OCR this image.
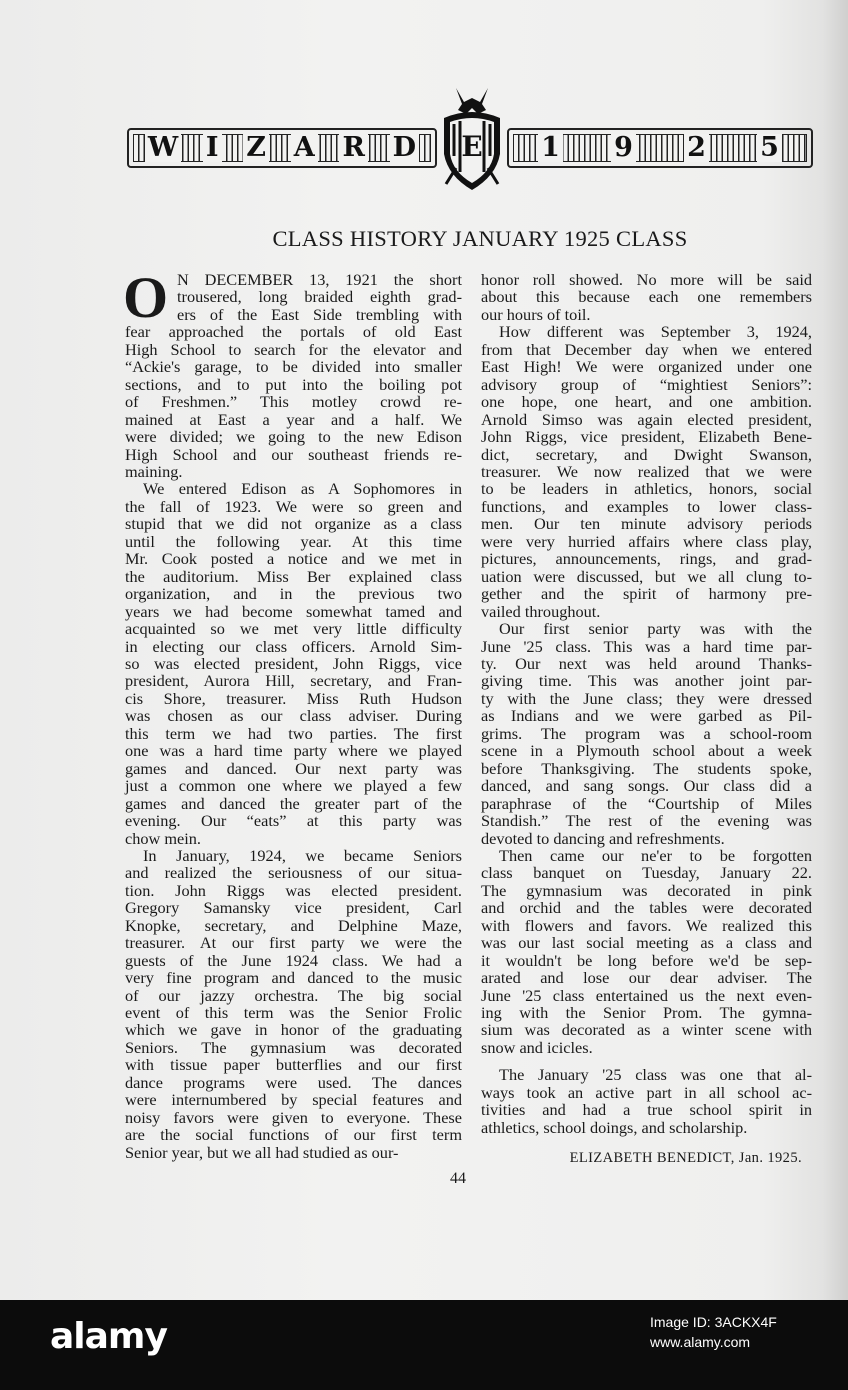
W I Z A R D	1 9 2 5
E
CLASS HISTORY JANUARY 1925 CLASS
O N DECEMBER 13, 1921 the short
trousered, long braided eighth grad-
ers of the East Side trembling with
fear approached the portals of old East
High School to search for the elevator and
“Ackie's garage, to be divided into smaller
sections, and to put into the boiling pot
of Freshmen.” This motley crowd re-
mained at East a year and a half. We
were divided; we going to the new Edison
High School and our southeast friends re-
maining.
We entered Edison as A Sophomores in
the fall of 1923. We were so green and
stupid that we did not organize as a class
until the following year. At this time
Mr. Cook posted a notice and we met in
the auditorium. Miss Ber explained class
organization, and in the previous two
years we had become somewhat tamed and
acquainted so we met very little difficulty
in electing our class officers. Arnold Sim-
so was elected president, John Riggs, vice
president, Aurora Hill, secretary, and Fran-
cis Shore, treasurer. Miss Ruth Hudson
was chosen as our class adviser. During
this term we had two parties. The first
one was a hard time party where we played
games and danced. Our next party was
just a common one where we played a few
games and danced the greater part of the
evening. Our “eats” at this party was
chow mein.
In January, 1924, we became Seniors
and realized the seriousness of our situa-
tion. John Riggs was elected president.
Gregory Samansky vice president, Carl
Knopke, secretary, and Delphine Maze,
treasurer. At our first party we were the
guests of the June 1924 class. We had a
very fine program and danced to the music
of our jazzy orchestra. The big social
event of this term was the Senior Frolic
which we gave in honor of the graduating
Seniors. The gymnasium was decorated
with tissue paper butterflies and our first
dance programs were used. The dances
were internumbered by special features and
noisy favors were given to everyone. These
are the social functions of our first term
Senior year, but we all had studied as our-
honor roll showed. No more will be said
about this because each one remembers
our hours of toil.
How different was September 3, 1924,
from that December day when we entered
East High! We were organized under one
advisory group of “mightiest Seniors”:
one hope, one heart, and one ambition.
Arnold Simso was again elected president,
John Riggs, vice president, Elizabeth Bene-
dict, secretary, and Dwight Swanson,
treasurer. We now realized that we were
to be leaders in athletics, honors, social
functions, and examples to lower class-
men. Our ten minute advisory periods
were very hurried affairs where class play,
pictures, announcements, rings, and grad-
uation were discussed, but we all clung to-
gether and the spirit of harmony pre-
vailed throughout.
Our first senior party was with the
June '25 class. This was a hard time par-
ty. Our next was held around Thanks-
giving time. This was another joint par-
ty with the June class; they were dressed
as Indians and we were garbed as Pil-
grims. The program was a school-room
scene in a Plymouth school about a week
before Thanksgiving. The students spoke,
danced, and sang songs. Our class did a
paraphrase of the “Courtship of Miles
Standish.” The rest of the evening was
devoted to dancing and refreshments.
Then came our ne'er to be forgotten
class banquet on Tuesday, January 22.
The gymnasium was decorated in pink
and orchid and the tables were decorated
with flowers and favors. We realized this
was our last social meeting as a class and
it wouldn't be long before we'd be sep-
arated and lose our dear adviser. The
June '25 class entertained us the next even-
ing with the Senior Prom. The gymna-
sium was decorated as a winter scene with
snow and icicles.
The January '25 class was one that al-
ways took an active part in all school ac-
tivities and had a true school spirit in
athletics, school doings, and scholarship.
ELIZABETH BENEDICT, Jan. 1925.
44
alamy	Image ID: 3ACKX4F
www.alamy.com
